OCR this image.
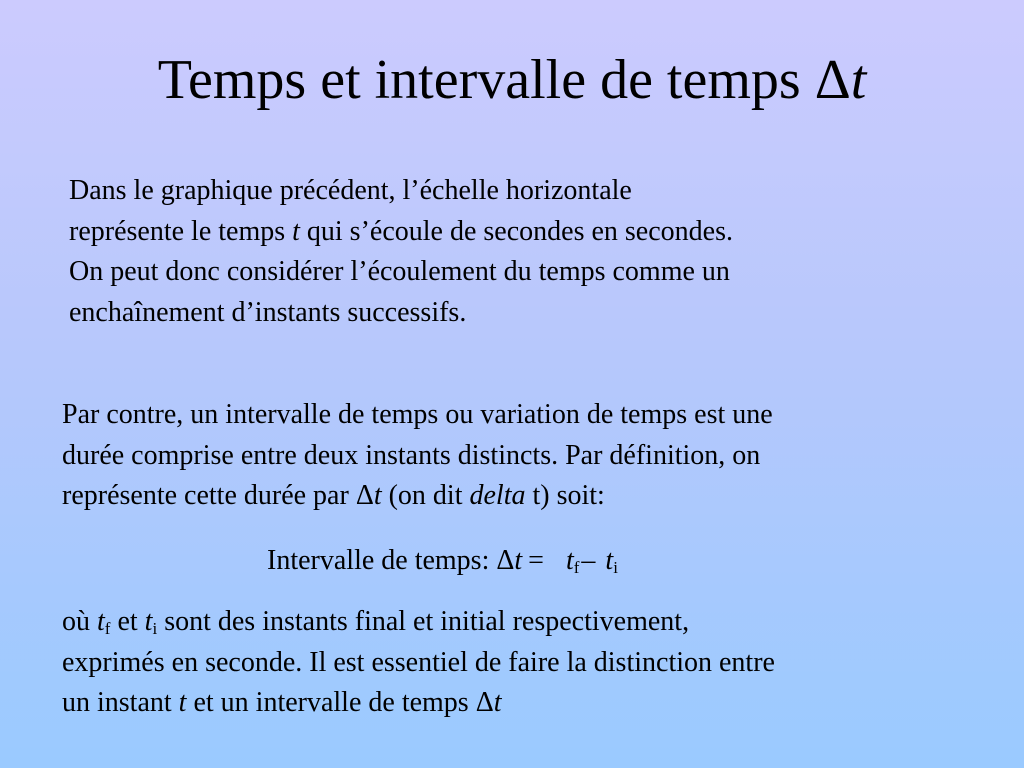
Temps et intervalle de temps Δt

Dans le graphique précédent, l’échelle horizontale
représente le temps t qui s’écoule de secondes en secondes.
On peut donc considérer l’écoulement du temps comme un
enchaînement d’instants successifs.

Par contre, un intervalle de temps ou variation de temps est une
durée comprise entre deux instants distincts. Par définition, on
représente cette durée par Δt (on dit delta t) soit:

Intervalle de temps: $\Delta t = t_f-$ $t_i$

où $t_f$ et $t_i$ sont des instants final et initial respectivement,
exprimés en seconde. Il est essentiel de faire la distinction entre
un instant t et un intervalle de temps Δt
